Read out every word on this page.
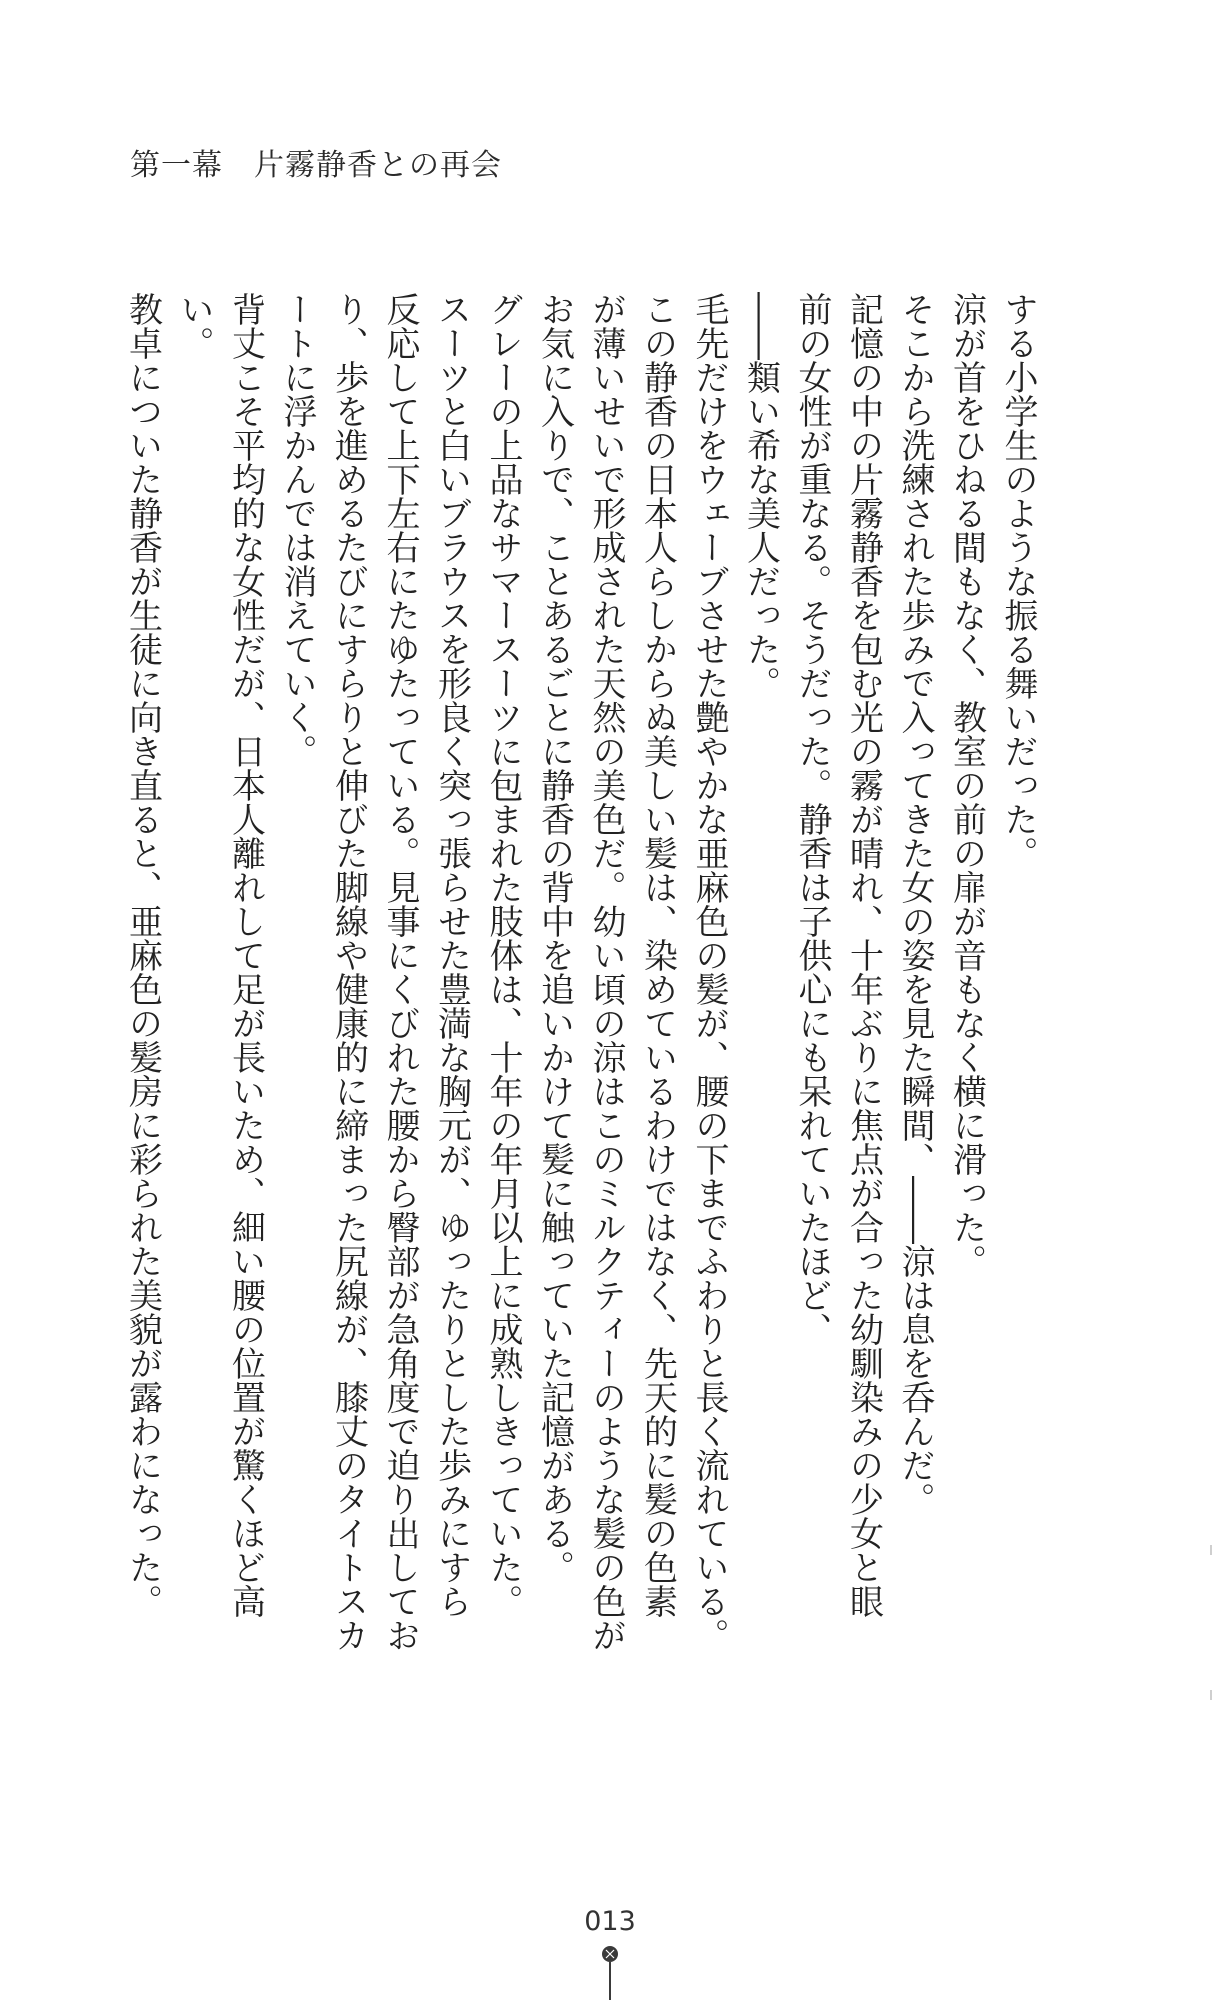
第一幕　片霧静香との再会

する小学生のような振る舞いだった。

涼が首をひねる間もなく、教室の前の扉が音もなく横に滑った。

そこから洗練された歩みで入ってきた女の姿を見た瞬間、――涼は息を呑んだ。

記憶の中の片霧静香を包む光の霧が晴れ、十年ぶりに焦点が合った幼馴染みの少女と眼

前の女性が重なる。そうだった。静香は子供心にも呆れていたほど、

――類い希な美人だった。

毛先だけをウェーブさせた艶やかな亜麻色の髪が、腰の下までふわりと長く流れている。

この静香の日本人らしからぬ美しい髪は、染めているわけではなく、先天的に髪の色素

が薄いせいで形成された天然の美色だ。幼い頃の涼はこのミルクティーのような髪の色が

お気に入りで、ことあるごとに静香の背中を追いかけて髪に触っていた記憶がある。

グレーの上品なサマースーツに包まれた肢体は、十年の年月以上に成熟しきっていた。

スーツと白いブラウスを形良く突っ張らせた豊満な胸元が、ゆったりとした歩みにすら

反応して上下左右にたゆたっている。見事にくびれた腰から臀部が急角度で迫り出してお

り、歩を進めるたびにすらりと伸びた脚線や健康的に締まった尻線が、膝丈のタイトスカ

ートに浮かんでは消えていく。

背丈こそ平均的な女性だが、日本人離れして足が長いため、細い腰の位置が驚くほど高

い。

教卓についた静香が生徒に向き直ると、亜麻色の髪房に彩られた美貌が露わになった。

013
